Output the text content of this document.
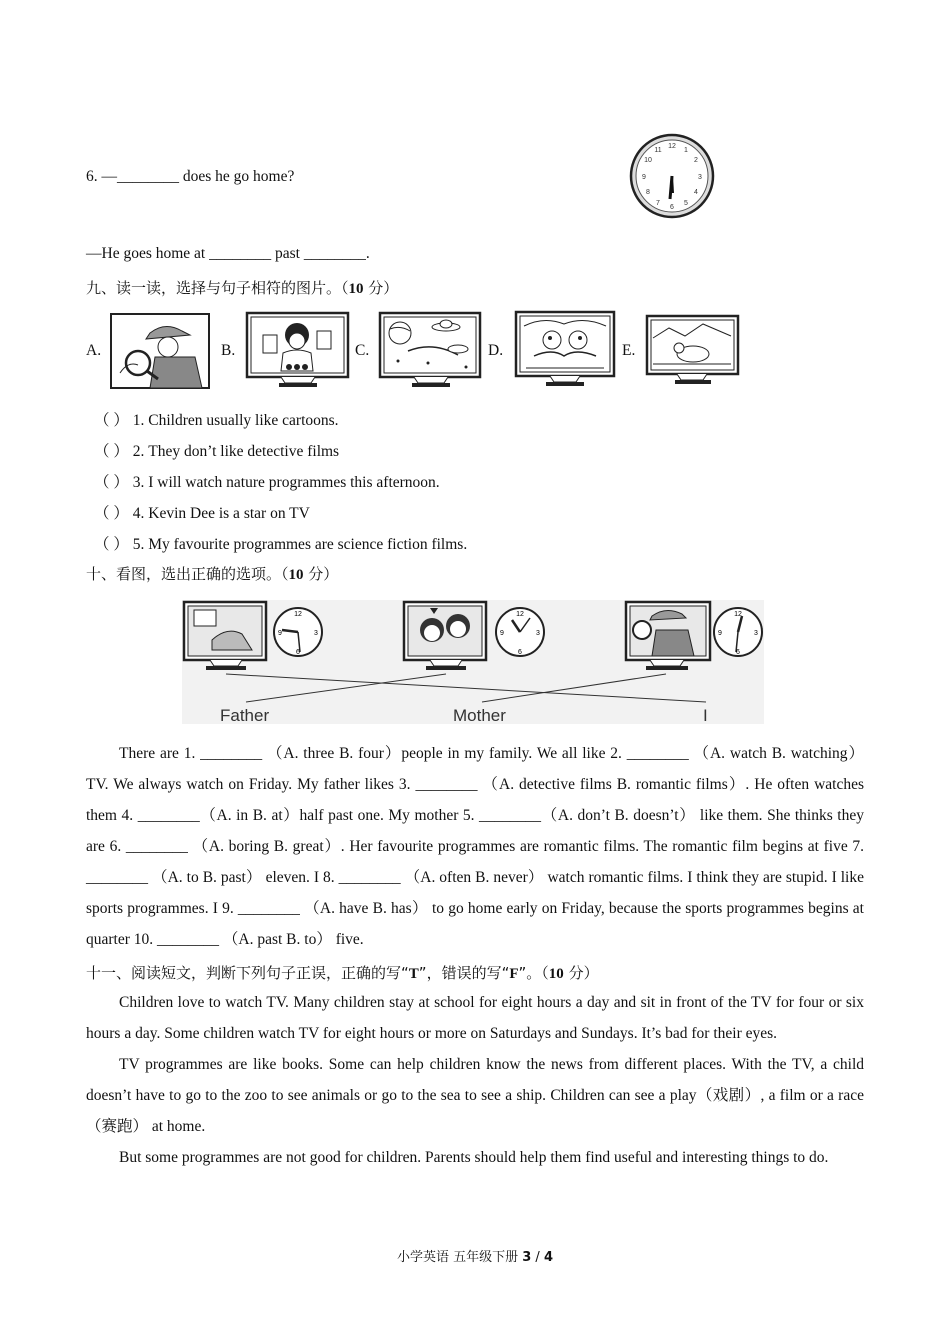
6. —________ does he go home?
12
1
2
3
4
5
6
7
8
9
10
11
—He goes home at ________ past ________.
九、读一读，选择与句子相符的图片。（10 分）
A.	B.	C.	D.	E.
（ ） 1. Children usually like cartoons.
（ ） 2. They don’t like detective films
（ ） 3. I will watch nature programmes this afternoon.
（ ） 4. Kevin Dee is a star on TV
（ ） 5. My favourite programmes are science fiction films.
十、看图，选出正确的选项。（10 分）
12
3
6
9
12
3
6
9
12
3
6
9
Father	Mother	I
There are 1. ________ （A. three B. four）people in my family. We all like 2. ________ （A. watch B. watching） TV. We always watch on Friday. My father likes 3. ________ （A. detective films B. romantic films）. He often watches them 4. ________（A. in B. at）half past one. My mother 5. ________（A. don’t B. doesn’t） like them. She thinks they are 6. ________ （A. boring B. great）. Her favourite programmes are romantic films. The romantic film begins at five 7. ________ （A. to B. past） eleven. I 8. ________ （A. often B. never） watch romantic films. I think they are stupid. I like sports programmes. I 9. ________ （A. have B. has） to go home early on Friday, because the sports programmes begins at quarter 10. ________ （A. past B. to） five.
十一、阅读短文，判断下列句子正误，正确的写“T”，错误的写“F”。（10 分）
Children love to watch TV. Many children stay at school for eight hours a day and sit in front of the TV for four or six hours a day. Some children watch TV for eight hours or more on Saturdays and Sundays. It’s bad for their eyes.
TV programmes are like books. Some can help children know the news from different places. With the TV, a child doesn’t have to go to the zoo to see animals or go to the sea to see a ship. Children can see a play（戏剧）, a film or a race（赛跑） at home.
But some programmes are not good for children. Parents should help them find useful and interesting things to do.
小学英语 五年级下册 3 / 4
